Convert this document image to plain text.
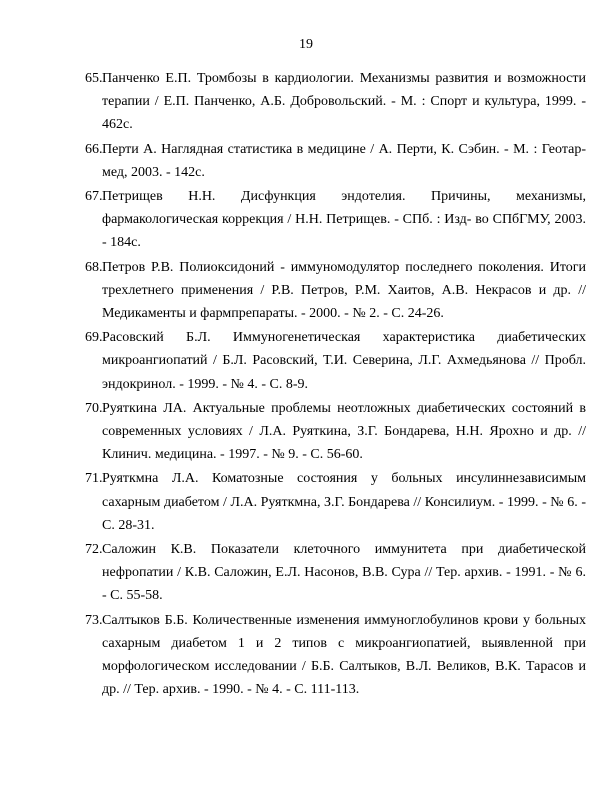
19
65. Панченко Е.П. Тромбозы в кардиологии. Механизмы развития и возможности терапии / Е.П. Панченко, А.Б. Добровольский. - М. : Спорт и культура, 1999. - 462с.
66. Перти А. Наглядная статистика в медицине / А. Перти, К. Сэбин. - М. : Геотар-мед, 2003. - 142с.
67. Петрищев Н.Н. Дисфункция эндотелия. Причины, механизмы, фармакологическая коррекция / Н.Н. Петрищев. - СПб. : Изд- во СПбГМУ, 2003. - 184с.
68. Петров Р.В. Полиоксидоний - иммуномодулятор последнего поколения. Итоги трехлетнего применения / Р.В. Петров, Р.М. Хаитов, А.В. Некрасов и др. // Медикаменты и фармпрепараты. - 2000. - № 2. - С. 24-26.
69. Расовский Б.Л. Иммуногенетическая характеристика диабетических микроангиопатий / Б.Л. Расовский, Т.И. Северина, Л.Г. Ахмедьянова // Пробл. эндокринол. - 1999. - № 4. - С. 8-9.
70. Руяткина ЛА. Актуальные проблемы неотложных диабетических состояний в современных условиях / Л.А. Руяткина, З.Г. Бондарева, Н.Н. Ярохно и др. // Клинич. медицина. - 1997. - № 9. - С. 56-60.
71. Руяткмна Л.А. Коматозные состояния у больных инсулиннезависимым сахарным диабетом / Л.А. Руяткмна, З.Г. Бондарева // Консилиум. - 1999. - № 6. - С. 28-31.
72. Саложин К.В. Показатели клеточного иммунитета при диабетической нефропатии / К.В. Саложин, Е.Л. Насонов, В.В. Сура // Тер. архив. - 1991. - № 6. - С. 55-58.
73. Салтыков Б.Б. Количественные изменения иммуноглобулинов крови у больных сахарным диабетом 1 и 2 типов с микроангиопатией, выявленной при морфологическом исследовании / Б.Б. Салтыков, В.Л. Великов, В.К. Тарасов и др. // Тер. архив. - 1990. - № 4. - С. 111-113.
